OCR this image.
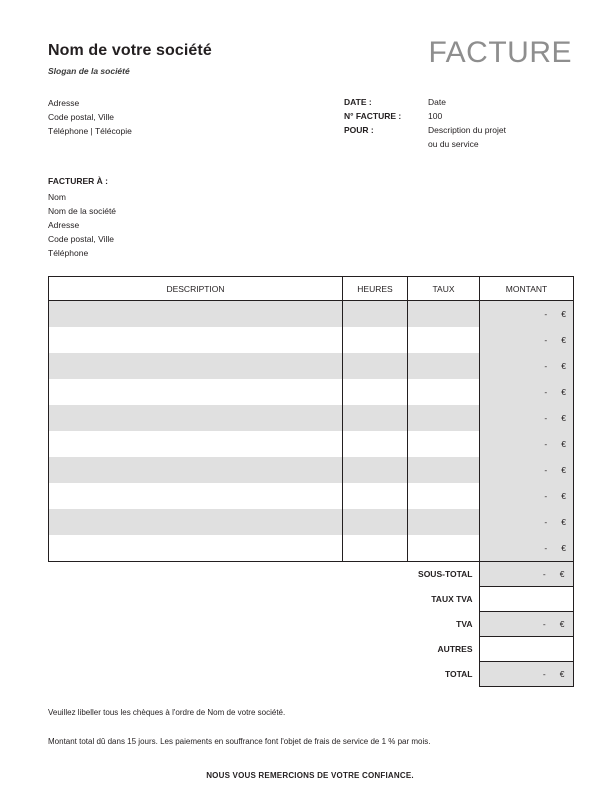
Nom de votre société
Slogan de la société
FACTURE
Adresse
Code postal, Ville
Téléphone | Télécopie
DATE :	Date
N° FACTURE :	100
POUR :	Description du projet
ou du service
FACTURER À :
Nom
Nom de la société
Adresse
Code postal, Ville
Téléphone
DESCRIPTION	HEURES	TAUX	MONTANT

			- €

			- €

			- €

			- €

			- €

			- €

			- €

			- €

			- €

			- €
	SOUS-TOTAL	- €

	TAUX TVA	

	TVA	- €

	AUTRES	

	TOTAL	- €
Veuillez libeller tous les chèques à l'ordre de Nom de votre société.
Montant total dû dans 15 jours. Les paiements en souffrance font l'objet de frais de service de 1 % par mois.
NOUS VOUS REMERCIONS DE VOTRE CONFIANCE.
